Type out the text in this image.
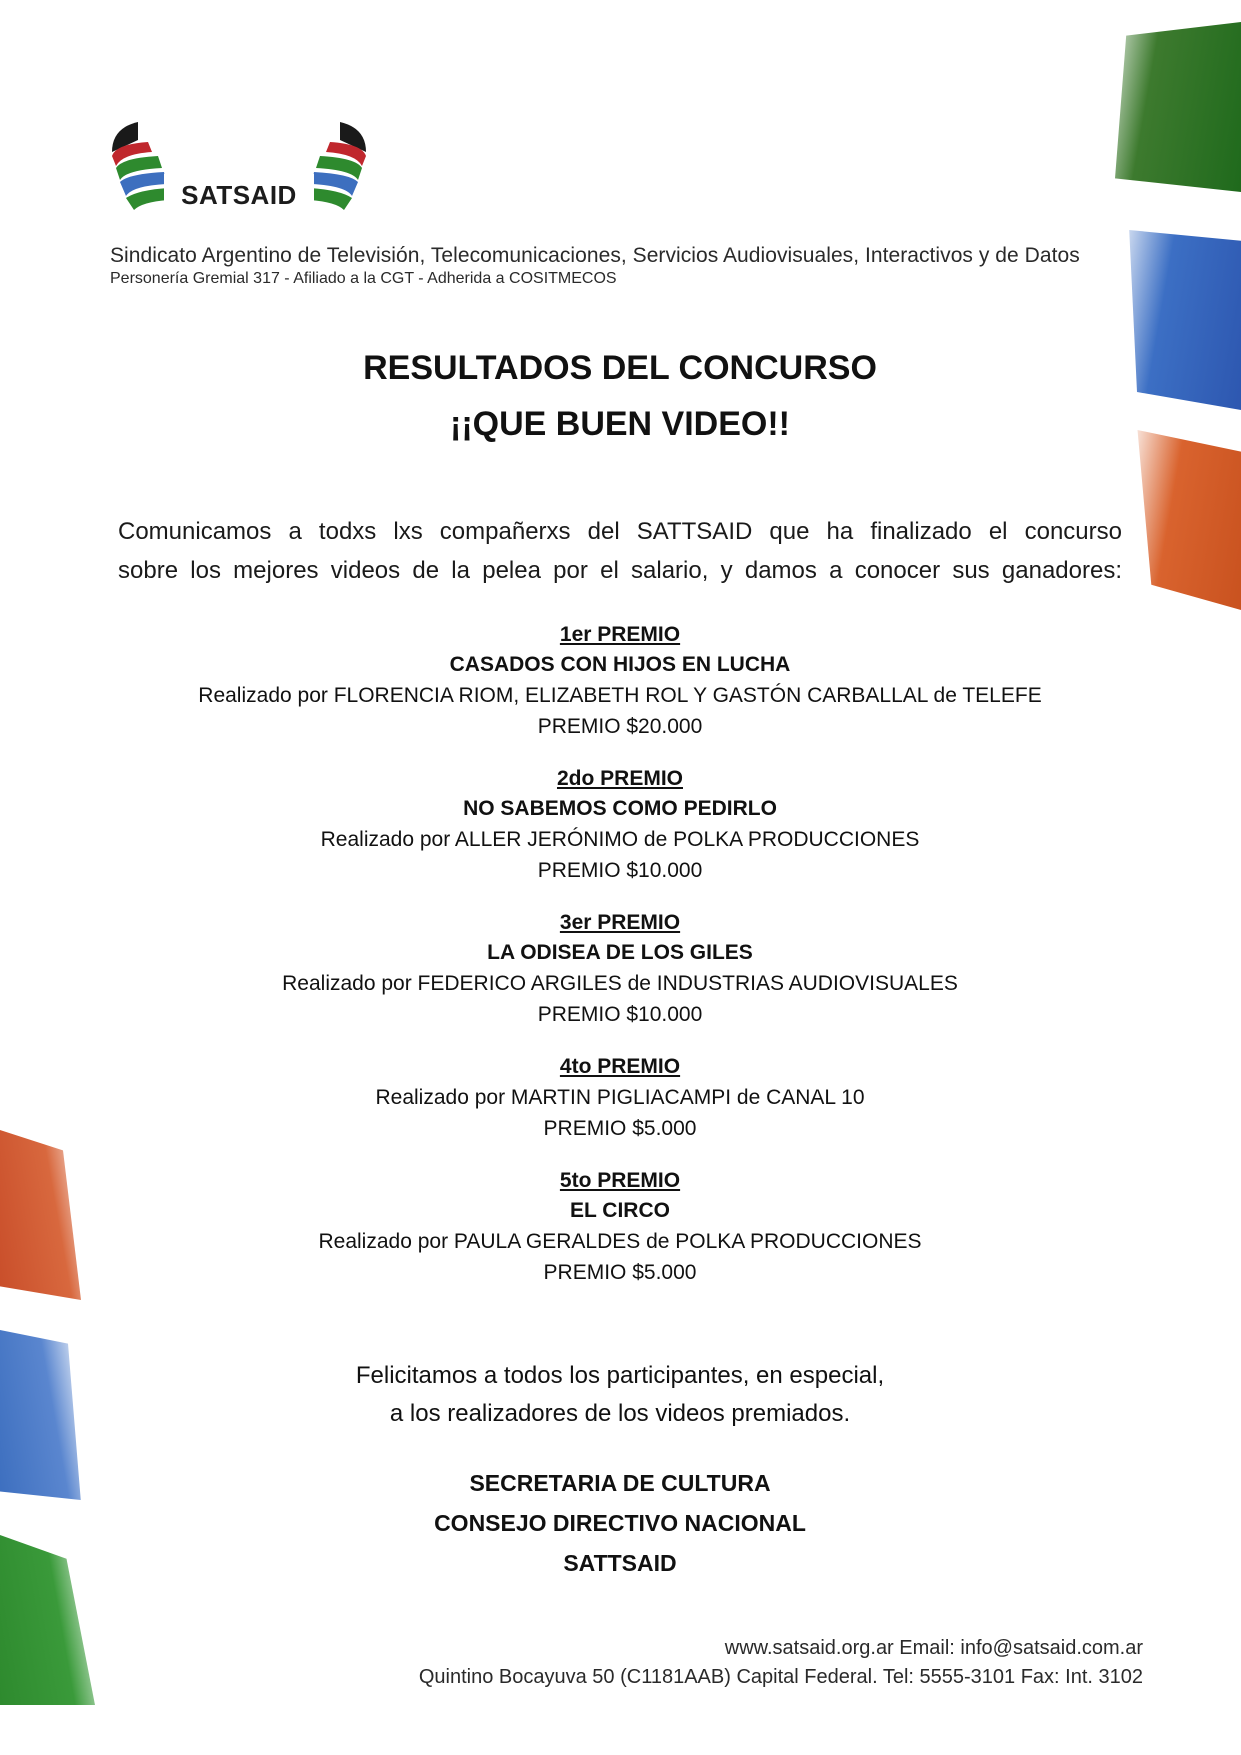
SATSAID
Sindicato Argentino de Televisión, Telecomunicaciones, Servicios Audiovisuales, Interactivos y de Datos
Personería Gremial 317 - Afiliado a la CGT - Adherida a COSITMECOS
RESULTADOS DEL CONCURSO
¡¡QUE BUEN VIDEO!!
Comunicamos a todxs lxs compañerxs del SATTSAID que ha finalizado el concurso
sobre los mejores videos de la pelea por el salario, y damos a conocer sus ganadores:
1er PREMIO
CASADOS CON HIJOS EN LUCHA
Realizado por FLORENCIA RIOM, ELIZABETH ROL Y GASTÓN CARBALLAL de TELEFE
PREMIO $20.000
2do PREMIO
NO SABEMOS COMO PEDIRLO
Realizado por ALLER JERÓNIMO de POLKA PRODUCCIONES
PREMIO $10.000
3er PREMIO
LA ODISEA DE LOS GILES
Realizado por FEDERICO ARGILES de INDUSTRIAS AUDIOVISUALES
PREMIO $10.000
4to PREMIO
Realizado por MARTIN PIGLIACAMPI de CANAL 10
PREMIO $5.000
5to PREMIO
EL CIRCO
Realizado por PAULA GERALDES de POLKA PRODUCCIONES
PREMIO $5.000
Felicitamos a todos los participantes, en especial,
a los realizadores de los videos premiados.
SECRETARIA DE CULTURA
CONSEJO DIRECTIVO NACIONAL
SATTSAID
www.satsaid.org.ar Email: info@satsaid.com.ar
Quintino Bocayuva 50 (C1181AAB) Capital Federal. Tel: 5555-3101 Fax: Int. 3102
